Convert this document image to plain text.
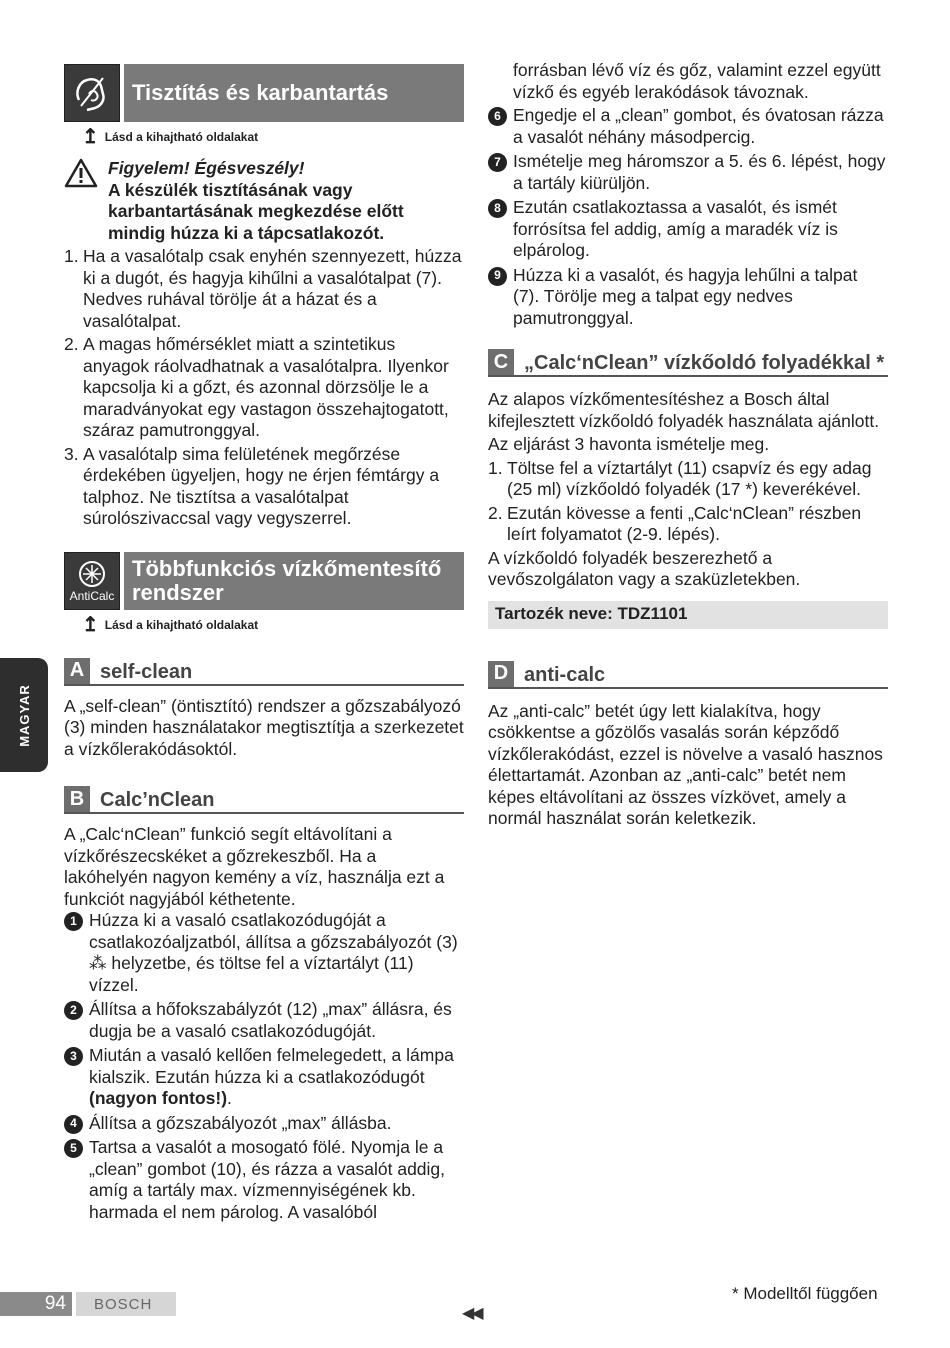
MAGYAR
Tisztítás és karbantartás
↥ Lásd a kihajtható oldalakat
Figyelem! Égésveszély!
A készülék tisztításának vagy karbantartásának megkezdése előtt mindig húzza ki a tápcsatlakozót.
1. Ha a vasalótalp csak enyhén szennyezett, húzza ki a dugót, és hagyja kihűlni a vasalótalpat (7). Nedves ruhával törölje át a házat és a vasalótalpat.
2. A magas hőmérséklet miatt a szintetikus anyagok ráolvadhatnak a vasalótalpra. Ilyenkor kapcsolja ki a gőzt, és azonnal dörzsölje le a maradványokat egy vastagon összehajtogatott, száraz pamutronggyal.
3. A vasalótalp sima felületének megőrzése érdekében ügyeljen, hogy ne érjen fémtárgy a talphoz. Ne tisztítsa a vasalótalpat súrolószivaccsal vagy vegyszerrel.
AntiCalc
Többfunkciós vízkőmentesítő rendszer
↥ Lásd a kihajtható oldalakat
A self-clean

A „self-clean” (öntisztító) rendszer a gőzszabályozó (3) minden használatakor megtisztítja a szerkezetet a vízkőlerakódásoktól.

B Calc’nClean

A „Calc‘nClean” funkció segít eltávolítani a vízkőrészecskéket a gőzrekeszből. Ha a lakóhelyén nagyon kemény a víz, használja ezt a funkciót nagyjából kéthetente.

1 Húzza ki a vasaló csatlakozódugóját a csatlakozóaljzatból, állítsa a gőzszabályozót (3) ⁂ helyzetbe, és töltse fel a víztartályt (11) vízzel.
2 Állítsa a hőfokszabályzót (12) „max” állásra, és dugja be a vasaló csatlakozódugóját.
3 Miután a vasaló kellően felmelegedett, a lámpa kialszik. Ezután húzza ki a csatlakozódugót (nagyon fontos!).
4 Állítsa a gőzszabályozót „max” állásba.
5 Tartsa a vasalót a mosogató fölé. Nyomja le a „clean” gombot (10), és rázza a vasalót addig, amíg a tartály max. vízmennyiségének kb. harmada el nem párolog. A vasalóból

forrásban lévő víz és gőz, valamint ezzel együtt vízkő és egyéb lerakódások távoznak.

6 Engedje el a „clean” gombot, és óvatosan rázza a vasalót néhány másodpercig.
7 Ismételje meg háromszor a 5. és 6. lépést, hogy a tartály kiürüljön.
8 Ezután csatlakoztassa a vasalót, és ismét forrósítsa fel addig, amíg a maradék víz is elpárolog.
9 Húzza ki a vasalót, és hagyja lehűlni a talpat (7). Törölje meg a talpat egy nedves pamutronggyal.
C „Calc‘nClean” vízkőoldó folyadékkal *

Az alapos vízkőmentesítéshez a Bosch által kifejlesztett vízkőoldó folyadék használata ajánlott.

Az eljárást 3 havonta ismételje meg.

1. Töltse fel a víztartályt (11) csapvíz és egy adag (25 ml) vízkőoldó folyadék (17 *) keverékével.
2. Ezután kövesse a fenti „Calc‘nClean” részben leírt folyamatot (2-9. lépés).

A vízkőoldó folyadék beszerezhető a vevőszolgálaton vagy a szaküzletekben.

Tartozék neve: TDZ1101
D anti-calc

Az „anti-calc” betét úgy lett kialakítva, hogy csökkentse a gőzölős vasalás során képződő vízkőlerakódást, ezzel is növelve a vasaló hasznos élettartamát. Azonban az „anti-calc” betét nem képes eltávolítani az összes vízkövet, amely a normál használat során keletkezik.

94	BOSCH
◀◀
* Modelltől függően
